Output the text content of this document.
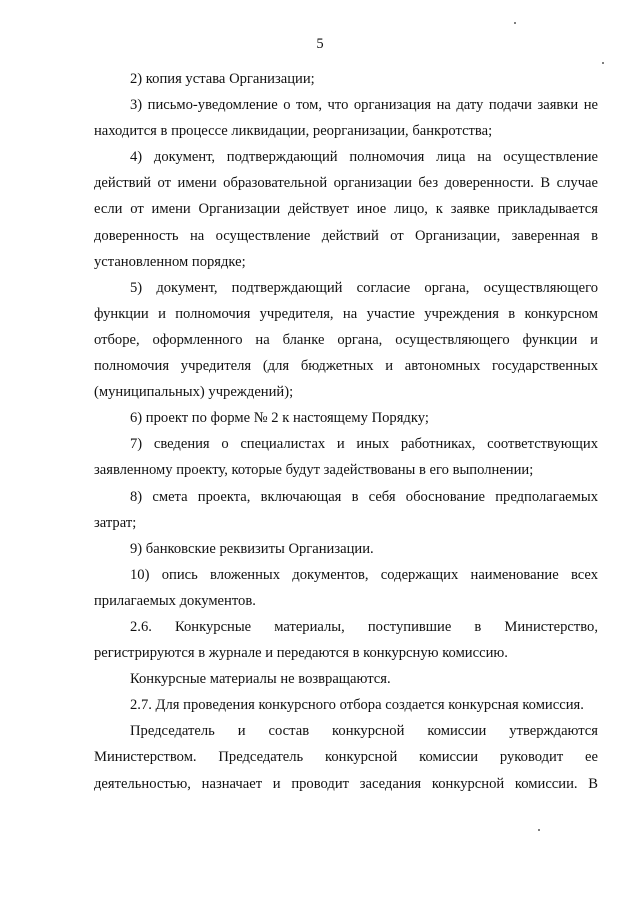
5

2) копия устава Организации;

3) письмо-уведомление о том, что организация на дату подачи заявки не находится в процессе ликвидации, реорганизации, банкротства;

4) документ, подтверждающий полномочия лица на осуществление действий от имени образовательной организации без доверенности. В случае если от имени Организации действует иное лицо, к заявке прикладывается доверенность на осуществление действий от Организации, заверенная в установленном порядке;

5) документ, подтверждающий согласие органа, осуществляющего функции и полномочия учредителя, на участие учреждения в конкурсном отборе, оформленного на бланке органа, осуществляющего функции и полномочия учредителя (для бюджетных и автономных государственных (муниципальных) учреждений);

6) проект по форме № 2 к настоящему Порядку;

7) сведения о специалистах и иных работниках, соответствующих заявленному проекту, которые будут задействованы в его выполнении;

8) смета проекта, включающая в себя обоснование предполагаемых затрат;

9) банковские реквизиты Организации.

10) опись вложенных документов, содержащих наименование всех прилагаемых документов.

2.6. Конкурсные материалы, поступившие в Министерство, регистрируются в журнале и передаются в конкурсную комиссию.

Конкурсные материалы не возвращаются.

2.7. Для проведения конкурсного отбора создается конкурсная комиссия.

Председатель и состав конкурсной комиссии утверждаются Министерством. Председатель конкурсной комиссии руководит ее деятельностью, назначает и проводит заседания конкурсной комиссии. В
